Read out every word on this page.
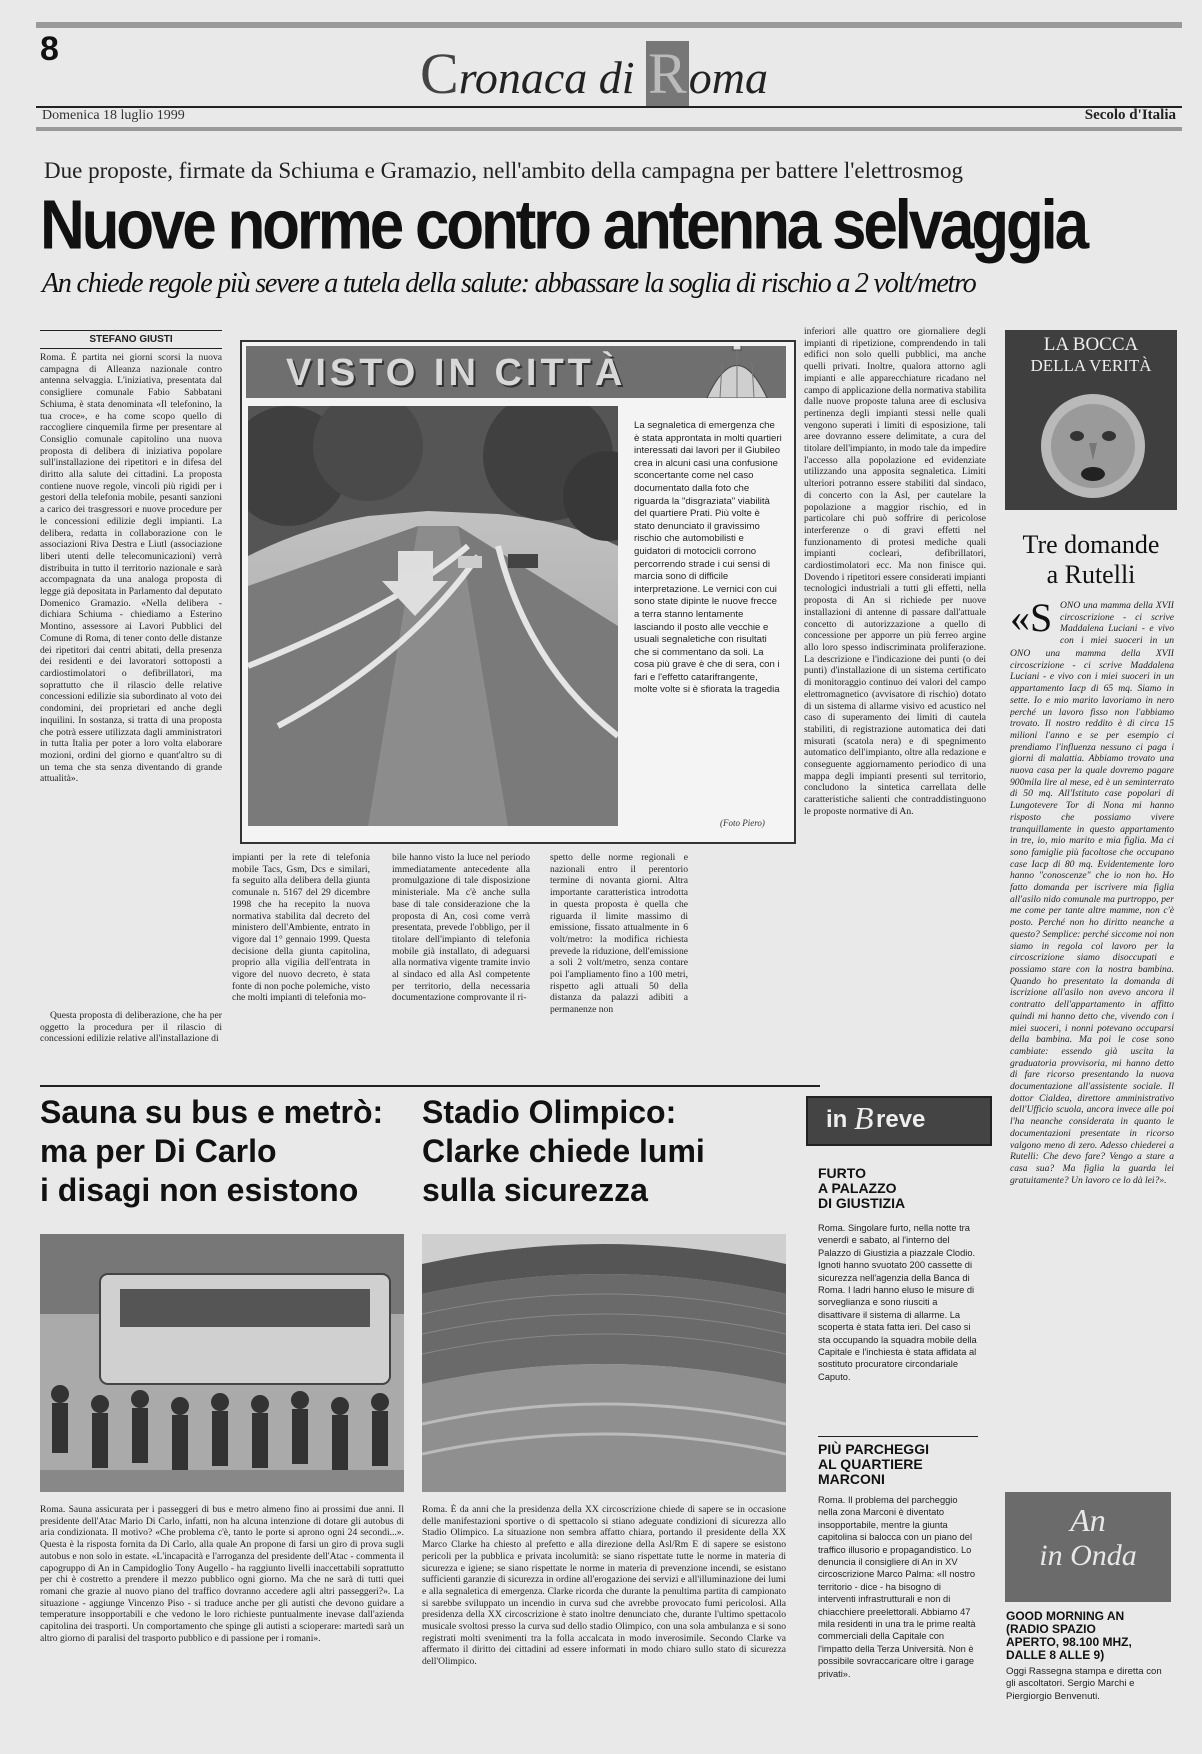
8	Cronaca di Roma
Domenica 18 luglio 1999	Secolo d'Italia
Due proposte, firmate da Schiuma e Gramazio, nell'ambito della campagna per battere l'elettrosmog
Nuove norme contro antenna selvaggia
An chiede regole più severe a tutela della salute: abbassare la soglia di rischio a 2 volt/metro
STEFANO GIUSTI
Roma. È partita nei giorni scorsi la nuova campagna di Alleanza nazionale contro antenna selvaggia. L'iniziativa, presentata dal consigliere comunale Fabio Sabbatani Schiuma, è stata denominata «Il telefonino, la tua croce», e ha come scopo quello di raccogliere cinquemila firme per presentare al Consiglio comunale capitolino una nuova proposta di delibera di iniziativa popolare sull'installazione dei ripetitori e in difesa del diritto alla salute dei cittadini. La proposta contiene nuove regole, vincoli più rigidi per i gestori della telefonia mobile, pesanti sanzioni a carico dei trasgressori e nuove procedure per le concessioni edilizie degli impianti. La delibera, redatta in collaborazione con le associazioni Riva Destra e Liutl (associazione liberi utenti delle telecomunicazioni) verrà distribuita in tutto il territorio nazionale e sarà accompagnata da una analoga proposta di legge già depositata in Parlamento dal deputato Domenico Gramazio. «Nella delibera - dichiara Schiuma - chiediamo a Esterino Montino, assessore ai Lavori Pubblici del Comune di Roma, di tener conto delle distanze dei ripetitori dai centri abitati, della presenza dei residenti e dei lavoratori sottoposti a cardiostimolatori o defibrillatori, ma soprattutto che il rilascio delle relative concessioni edilizie sia subordinato al voto dei condomini, dei proprietari ed anche degli inquilini. In sostanza, si tratta di una proposta che potrà essere utilizzata dagli amministratori in tutta Italia per poter a loro volta elaborare mozioni, ordini del giorno e quant'altro su di un tema che sta senza diventando di grande attualità».
Questa proposta di deliberazione, che ha per oggetto la procedura per il rilascio di concessioni edilizie relative all'installazione di
VISTO IN CITTÀ
La segnaletica di emergenza che è stata approntata in molti quartieri interessati dai lavori per il Giubileo crea in alcuni casi una confusione sconcertante come nel caso documentato dalla foto che riguarda la "disgraziata" viabilità del quartiere Prati. Più volte è stato denunciato il gravissimo rischio che automobilisti e guidatori di motocicli corrono percorrendo strade i cui sensi di marcia sono di difficile interpretazione. Le vernici con cui sono state dipinte le nuove frecce a terra stanno lentamente lasciando il posto alle vecchie e usuali segnaletiche con risultati che si commentano da soli. La cosa più grave è che di sera, con i fari e l'effetto catarifrangente, molte volte si è sfiorata la tragedia
(Foto Piero)
impianti per la rete di telefonia mobile Tacs, Gsm, Dcs e similari, fa seguito alla delibera della giunta comunale n. 5167 del 29 dicembre 1998 che ha recepito la nuova normativa stabilita dal decreto del ministero dell'Ambiente, entrato in vigore dal 1° gennaio 1999. Questa decisione della giunta capitolina, proprio alla vigilia dell'entrata in vigore del nuovo decreto, è stata fonte di non poche polemiche, visto che molti impianti di telefonia mo-
bile hanno visto la luce nel periodo immediatamente antecedente alla promulgazione di tale disposizione ministeriale. Ma c'è anche sulla base di tale considerazione che la proposta di An, così come verrà presentata, prevede l'obbligo, per il titolare dell'impianto di telefonia mobile già installato, di adeguarsi alla normativa vigente tramite invio al sindaco ed alla Asl competente per territorio, della necessaria documentazione comprovante il ri-
spetto delle norme regionali e nazionali entro il perentorio termine di novanta giorni. Altra importante caratteristica introdotta in questa proposta è quella che riguarda il limite massimo di emissione, fissato attualmente in 6 volt/metro: la modifica richiesta prevede la riduzione, dell'emissione a soli 2 volt/metro, senza contare poi l'ampliamento fino a 100 metri, rispetto agli attuali 50 della distanza da palazzi adibiti a permanenze non
inferiori alle quattro ore giornaliere degli impianti di ripetizione, comprendendo in tali edifici non solo quelli pubblici, ma anche quelli privati. Inoltre, qualora attorno agli impianti e alle apparecchiature ricadano nel campo di applicazione della normativa stabilita dalle nuove proposte taluna aree di esclusiva pertinenza degli impianti stessi nelle quali vengono superati i limiti di esposizione, tali aree dovranno essere delimitate, a cura del titolare dell'impianto, in modo tale da impedire l'accesso alla popolazione ed evidenziate utilizzando una apposita segnaletica. Limiti ulteriori potranno essere stabiliti dal sindaco, di concerto con la Asl, per cautelare la popolazione a maggior rischio, ed in particolare chi può soffrire di pericolose interferenze o di gravi effetti nel funzionamento di protesi mediche quali impianti cocleari, defibrillatori, cardiostimolatori ecc. Ma non finisce qui. Dovendo i ripetitori essere considerati impianti tecnologici industriali a tutti gli effetti, nella proposta di An si richiede per nuove installazioni di antenne di passare dall'attuale concetto di autorizzazione a quello di concessione per apporre un più ferreo argine allo loro spesso indiscriminata proliferazione. La descrizione e l'indicazione dei punti (o dei punti) d'installazione di un sistema certificato di monitoraggio continuo dei valori del campo elettromagnetico (avvisatore di rischio) dotato di un sistema di allarme visivo ed acustico nel caso di superamento dei limiti di cautela stabiliti, di registrazione automatica dei dati misurati (scatola nera) e di spegnimento automatico dell'impianto, oltre alla redazione e conseguente aggiornamento periodico di una mappa degli impianti presenti sul territorio, concludono la sintetica carrellata delle caratteristiche salienti che contraddistinguono le proposte normative di An.
LA BOCCA
DELLA VERITÀ
Tre domande
a Rutelli
«S ONO una mamma della XVII circoscrizione - ci scrive Maddalena Luciani - e vivo con i miei suoceri in un
ONO una mamma della XVII circoscrizione - ci scrive Maddalena Luciani - e vivo con i miei suoceri in un appartamento Iacp di 65 mq. Siamo in sette. Io e mio marito lavoriamo in nero perché un lavoro fisso non l'abbiamo trovato. Il nostro reddito è di circa 15 milioni l'anno e se per esempio ci prendiamo l'influenza nessuno ci paga i giorni di malattia. Abbiamo trovato una nuova casa per la quale dovremo pagare 900mila lire al mese, ed è un seminterrato di 50 mq. All'Istituto case popolari di Lungotevere Tor di Nona mi hanno risposto che possiamo vivere tranquillamente in questo appartamento in tre, io, mio marito e mia figlia. Ma ci sono famiglie più facoltose che occupano case Iacp di 80 mq. Evidentemente loro hanno "conoscenze" che io non ho. Ho fatto domanda per iscrivere mia figlia all'asilo nido comunale ma purtroppo, per me come per tante altre mamme, non c'è posto. Perché non ho diritto neanche a questo? Semplice: perché siccome noi non siamo in regola col lavoro per la circoscrizione siamo disoccupati e possiamo stare con la nostra bambina. Quando ho presentato la domanda di iscrizione all'asilo non avevo ancora il contratto dell'appartamento in affitto quindi mi hanno detto che, vivendo con i miei suoceri, i nonni potevano occuparsi della bambina. Ma poi le cose sono cambiate: essendo già uscita la graduatoria provvisoria, mi hanno detto di fare ricorso presentando la nuova documentazione all'assistente sociale. Il dottor Cialdea, direttore amministrativo dell'Ufficio scuola, ancora invece alle poi l'ha neanche considerata in quanto le documentazioni presentate in ricorso valgono meno di zero. Adesso chiederei a Rutelli: Che devo fare? Vengo a stare a casa sua? Ma figlia la guarda lei gratuitamente? Un lavoro ce lo dà lei?».
Sauna su bus e metrò:
ma per Di Carlo
i disagi non esistono
Roma. Sauna assicurata per i passeggeri di bus e metro almeno fino ai prossimi due anni. Il presidente dell'Atac Mario Di Carlo, infatti, non ha alcuna intenzione di dotare gli autobus di aria condizionata. Il motivo? «Che problema c'è, tanto le porte si aprono ogni 24 secondi...». Questa è la risposta fornita da Di Carlo, alla quale An propone di farsi un giro di prova sugli autobus e non solo in estate. «L'incapacità e l'arroganza del presidente dell'Atac - commenta il capogruppo di An in Campidoglio Tony Augello - ha raggiunto livelli inaccettabili soprattutto per chi è costretto a prendere il mezzo pubblico ogni giorno. Ma che ne sarà di tutti quei romani che grazie al nuovo piano del traffico dovranno accedere agli altri passeggeri?». La situazione - aggiunge Vincenzo Piso - si traduce anche per gli autisti che devono guidare a temperature insopportabili e che vedono le loro richieste puntualmente inevase dall'azienda capitolina dei trasporti. Un comportamento che spinge gli autisti a scioperare: martedì sarà un altro giorno di paralisi del trasporto pubblico e di passione per i romani».
Stadio Olimpico:
Clarke chiede lumi
sulla sicurezza
Roma. È da anni che la presidenza della XX circoscrizione chiede di sapere se in occasione delle manifestazioni sportive o di spettacolo si stiano adeguate condizioni di sicurezza allo Stadio Olimpico. La situazione non sembra affatto chiara, portando il presidente della XX Marco Clarke ha chiesto al prefetto e alla direzione della Asl/Rm E di sapere se esistono pericoli per la pubblica e privata incolumità: se siano rispettate tutte le norme in materia di sicurezza e igiene; se siano rispettate le norme in materia di prevenzione incendi, se esistano sufficienti garanzie di sicurezza in ordine all'erogazione dei servizi e all'illuminazione dei lumi e alla segnaletica di emergenza. Clarke ricorda che durante la penultima partita di campionato si sarebbe sviluppato un incendio in curva sud che avrebbe provocato fumi pericolosi. Alla presidenza della XX circoscrizione è stato inoltre denunciato che, durante l'ultimo spettacolo musicale svoltosi presso la curva sud dello stadio Olimpico, con una sola ambulanza e si sono registrati molti svenimenti tra la folla accalcata in modo inverosimile. Secondo Clarke va affermato il diritto dei cittadini ad essere informati in modo chiaro sullo stato di sicurezza dell'Olimpico.
in B reve
FURTO
A PALAZZO
DI GIUSTIZIA
Roma. Singolare furto, nella notte tra venerdì e sabato, al l'interno del Palazzo di Giustizia a piazzale Clodio. Ignoti hanno svuotato 200 cassette di sicurezza nell'agenzia della Banca di Roma. I ladri hanno eluso le misure di sorveglianza e sono riusciti a disattivare il sistema di allarme. La scoperta è stata fatta ieri. Del caso si sta occupando la squadra mobile della Capitale e l'inchiesta è stata affidata al sostituto procuratore circondariale Caputo.
PIÙ PARCHEGGI
AL QUARTIERE
MARCONI
Roma. Il problema del parcheggio nella zona Marconi è diventato insopportabile, mentre la giunta capitolina si balocca con un piano del traffico illusorio e propagandistico. Lo denuncia il consigliere di An in XV circoscrizione Marco Palma: «Il nostro territorio - dice - ha bisogno di interventi infrastrutturali e non di chiacchiere preelettorali. Abbiamo 47 mila residenti in una tra le prime realtà commerciali della Capitale con l'impatto della Terza Università. Non è possibile sovraccaricare oltre i garage privati».
An
in Onda
GOOD MORNING AN
(RADIO SPAZIO
APERTO, 98.100 MHZ,
DALLE 8 ALLE 9)
Oggi Rassegna stampa e diretta con gli ascoltatori. Sergio Marchi e Piergiorgio Benvenuti.
